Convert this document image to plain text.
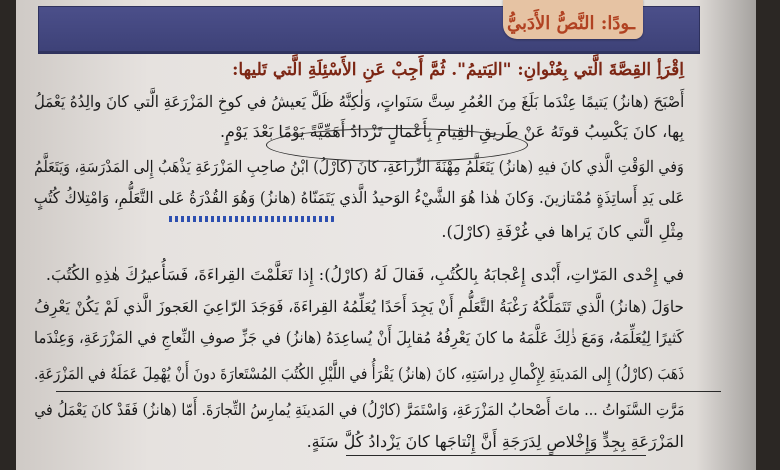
ـودًا: النَّصُّ الأَدَبيُّ
اِقْرَأِ القِصَّةَ الَّتي بِعُنْوانِ: "اليَتيمُ". ثُمَّ أَجِبْ عَنِ الأَسْئِلَةِ الَّتي تَليها:
أَصْبَحَ (هانزُ) يَتيمًا عِنْدَما بَلَغَ مِنَ العُمُرِ سِتَّ سَنَواتٍ، وَلٰكِنَّهُ ظَلَّ يَعيشُ في كوخِ المَزْرَعَةِ الَّتي كانَ والِدُهُ يَعْمَلُ
بِها، كانَ يَكْسِبُ قوتَهُ عَنْ طَريقِ القِيامِ بِأَعْمالٍ تَزْدادُ أَهَمِّيَّةً يَوْمًا بَعْدَ يَوْمٍ.
وَفي الوَقْتِ الَّذي كانَ فيهِ (هانزُ) يَتَعَلَّمُ مِهْنَةَ الزِّراعَةِ، كانَ (كارْلُ) ابْنُ صاحِبِ المَزْرَعَةِ يَذْهَبُ إِلى المَدْرَسَةِ، وَيَتَعَلَّمُ
عَلى يَدِ أَساتِذَةٍ مُمْتازينَ. وَكانَ هٰذا هُوَ الشَّيْءُ الوَحيدُ الَّذي يَتَمَنّاهُ (هانزُ) وَهُوَ القُدْرَةُ عَلى التَّعَلُّمِ، وَامْتِلاكُ كُتُبٍ
مِثْلِ الَّتي كانَ يَراها في غُرْفَةِ (كارْلَ).
في إِحْدى المَرّاتِ، أَبْدى إِعْجابَهُ بِالكُتُبِ، فَقالَ لَهُ (كارْلُ): إِذا تَعَلَّمْتَ القِراءَةَ، فَسَأُعيرُكَ هٰذِهِ الكُتُبَ.
حاوَلَ (هانزُ) الَّذي تَتَمَلَّكُهُ رَغْبَةُ التَّعَلُّمِ أَنْ يَجِدَ أَحَدًا يُعَلِّمُهُ القِراءَةَ، فَوَجَدَ الرّاعِيَ العَجوزَ الَّذي لَمْ يَكُنْ يَعْرِفُ
كَثيرًا لِيُعَلِّمَهُ، وَمَعَ ذٰلِكَ عَلَّمَهُ ما كانَ يَعْرِفُهُ مُقابِلَ أَنْ يُساعِدَهُ (هانزُ) في جَزِّ صوفِ النِّعاجِ في المَزْرَعَةِ، وَعِنْدَما
ذَهَبَ (كارْلُ) إِلى المَدينَةِ لِإِكْمالِ دِراسَتِهِ، كانَ (هانزُ) يَقْرَأُ في اللَّيْلِ الكُتُبَ المُسْتَعارَةَ دونَ أَنْ يُهْمِلَ عَمَلَهُ في المَزْرَعَةِ.
مَرَّتِ السَّنَواتُ ... ماتَ أَصْحابُ المَزْرَعَةِ، وَاسْتَمَرَّ (كارْلُ) في المَدينَةِ يُمارِسُ التِّجارَةَ. أَمّا (هانزُ) فَقَدْ كانَ يَعْمَلُ في
المَزْرَعَةِ بِجِدٍّ وَإِخْلاصٍ لِدَرَجَةِ أَنَّ إِنْتاجَها كانَ يَزْدادُ كُلَّ سَنَةٍ.
